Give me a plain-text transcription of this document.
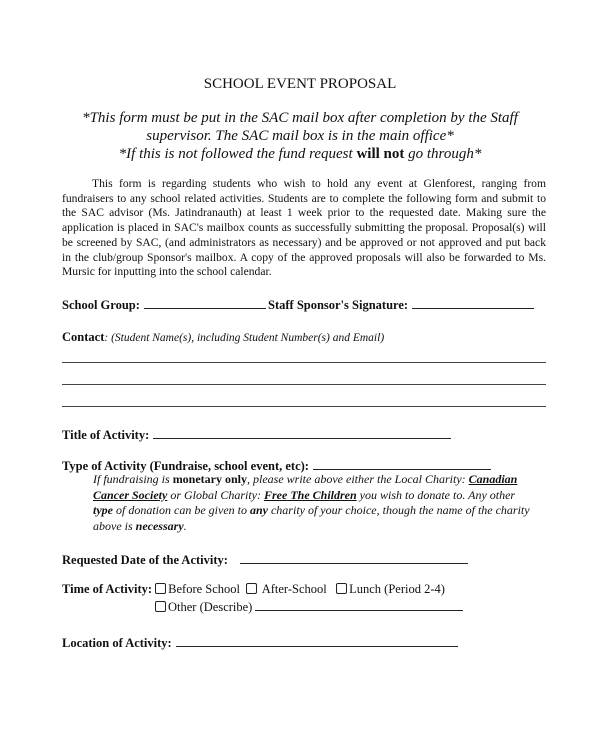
SCHOOL EVENT PROPOSAL
*This form must be put in the SAC mail box after completion by the Staff
supervisor. The SAC mail box is in the main office*
*If this is not followed the fund request will not go through*
This form is regarding students who wish to hold any event at Glenforest, ranging from fundraisers to any school related activities. Students are to complete the following form and submit to the SAC advisor (Ms. Jatindranauth) at least 1 week prior to the requested date. Making sure the application is placed in SAC's mailbox counts as successfully submitting the proposal. Proposal(s) will be screened by SAC, (and administrators as necessary) and be approved or not approved and put back in the club/group Sponsor's mailbox. A copy of the approved proposals will also be forwarded to Ms. Mursic for inputting into the school calendar.
School Group:	Staff Sponsor's Signature:
Contact: (Student Name(s), including Student Number(s) and Email)
Title of Activity:
Type of Activity (Fundraise, school event, etc):
If fundraising is monetary only, please write above either the Local Charity: Canadian Cancer Society or Global Charity: Free The Children you wish to donate to. Any other type of donation can be given to any charity of your choice, though the name of the charity above is necessary.
Requested Date of the Activity:
Time of Activity: Before School After-School Lunch (Period 2-4)
Other (Describe)
Location of Activity:
